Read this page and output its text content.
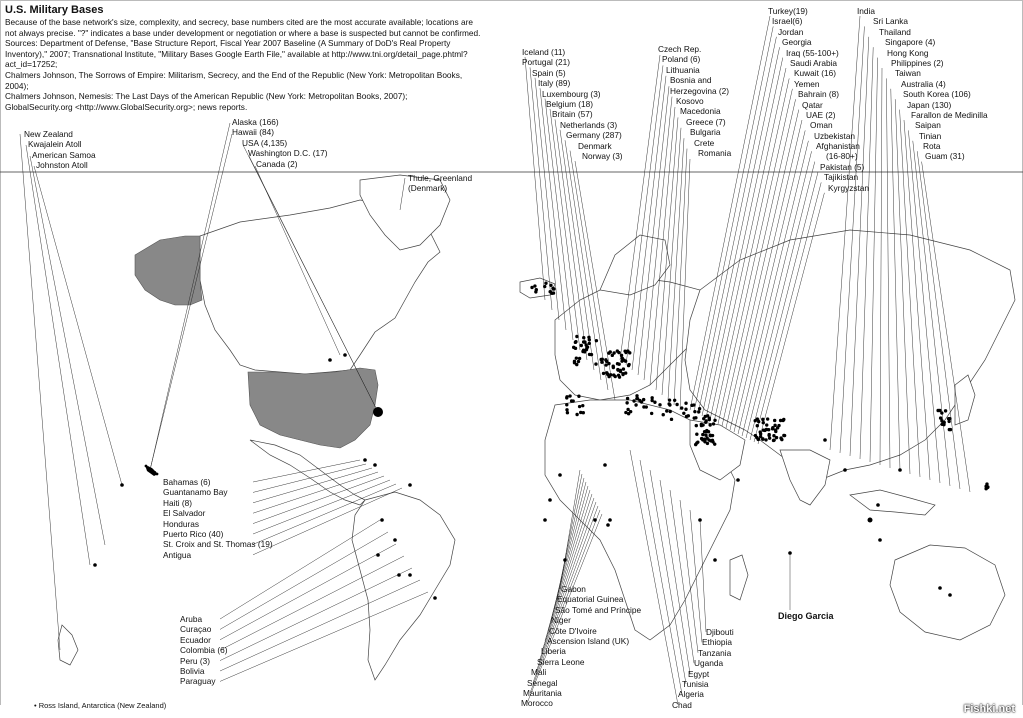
U.S. Military Bases

Because of the base network's size, complexity, and secrecy, base numbers cited are the most accurate available; locations are not always precise. "?" indicates a base under development or negotiation or where a base is suspected but cannot be confirmed.

Sources: Department of Defense, "Base Structure Report, Fiscal Year 2007 Baseline (A Summary of DoD's Real Property Inventory)," 2007; Transnational Institute, "Military Bases Google Earth File," available at http://www.tni.org/detail_page.phtml?act_id=17252;

Chalmers Johnson, The Sorrows of Empire: Militarism, Secrecy, and the End of the Republic (New York: Metropolitan Books, 2004);

Chalmers Johnson, Nemesis: The Last Days of the American Republic (New York: Metropolitan Books, 2007);

GlobalSecurity.org <http://www.GlobalSecurity.org>; news reports.

New Zealand
Kwajalein Atoll
American Samoa
Johnston Atoll
Alaska (166)
Hawaii (84)
USA (4,135)
Washington D.C. (17)
Canada (2)
Thule, Greenland
(Denmark)
Iceland (11)
Portugal (21)
Spain (5)
Italy (89)
Luxembourg (3)
Belgium (18)
Britain (57)
Netherlands (3)
Germany (287)
Denmark
Norway (3)
Czech Rep.
Poland (6)
Lithuania
Bosnia and
Herzegovina (2)
Kosovo
Macedonia
Greece (7)
Bulgaria
Crete
Romania
Turkey(19)
Israel(6)
Jordan
Georgia
Iraq (55-100+)
Saudi Arabia
Kuwait (16)
Yemen
Bahrain (8)
Qatar
UAE (2)
Oman
Uzbekistan
Afghanistan
(16-80+)
Pakistan (5)
Tajikistan
Kyrgyzstan
India
Sri Lanka
Thailand
Singapore (4)
Hong Kong
Philippines (2)
Taiwan
Australia (4)
South Korea (106)
Japan (130)
Farallon de Medinilla
Saipan
Tinian
Rota
Guam (31)
Bahamas (6)
Guantanamo Bay
Haiti (8)
El Salvador
Honduras
Puerto Rico (40)
St. Croix and St. Thomas (19)
Antigua
Aruba
Curaçao
Ecuador
Colombia (6)
Peru (3)
Bolivia
Paraguay
Gabon
Equatorial Guinea
São Tomé and Príncipe
Niger
Côte D'Ivoire
Ascension Island (UK)
Liberia
Sierra Leone
Mali
Senegal
Mauritania
Morocco
Djibouti
Ethiopia
Tanzania
Uganda
Egypt
Tunisia
Algeria
Chad
Diego Garcia
• Ross Island, Antarctica (New Zealand)	Fishki.net
